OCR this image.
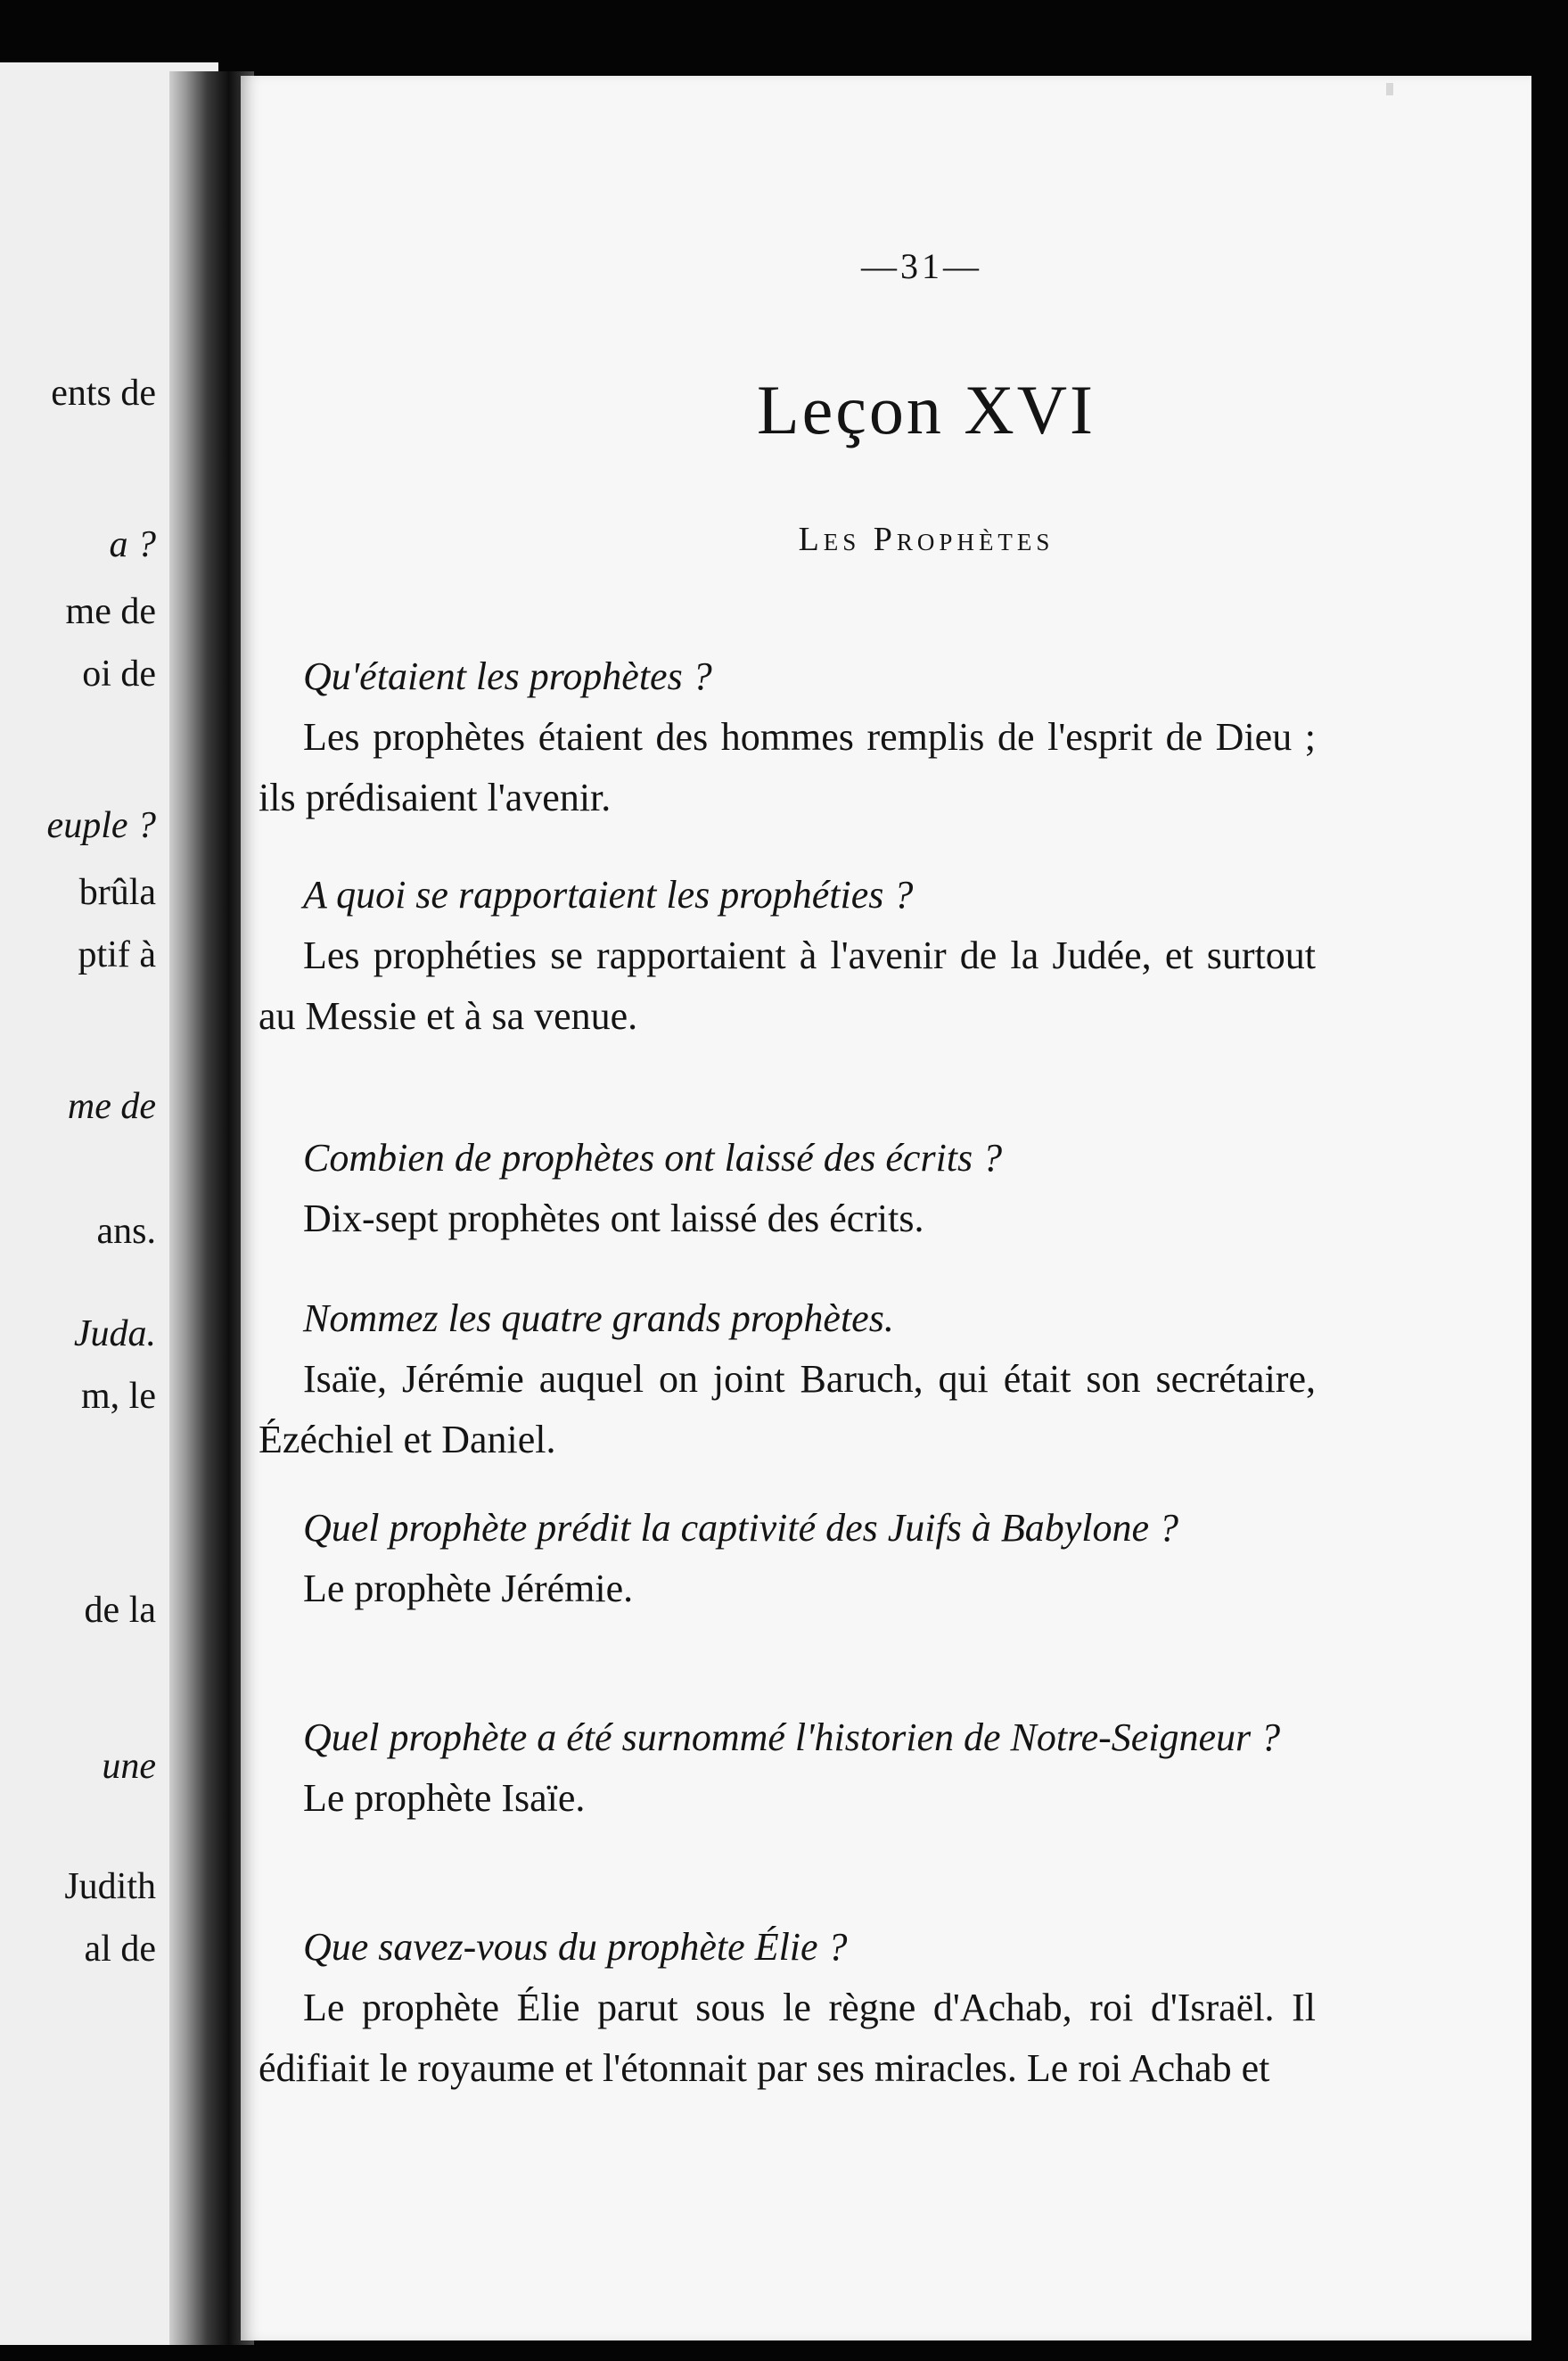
ents de
a ?
me de
oi de
euple ?
brûla
ptif à
me de
ans.
Juda.
m, le
de la
une
Judith
al de
—31—
Leçon XVI
Les Prophètes
Qu'étaient les prophètes ?
Les prophètes étaient des hommes remplis de l'esprit de Dieu ; ils prédisaient l'avenir.
A quoi se rapportaient les prophéties ?
Les prophéties se rapportaient à l'avenir de la Judée, et surtout au Messie et à sa venue.
Combien de prophètes ont laissé des écrits ?
Dix-sept prophètes ont laissé des écrits.
Nommez les quatre grands prophètes.
Isaïe, Jérémie auquel on joint Baruch, qui était son secrétaire, Ézéchiel et Daniel.
Quel prophète prédit la captivité des Juifs à Babylone ?
Le prophète Jérémie.
Quel prophète a été surnommé l'historien de Notre-Seigneur ?
Le prophète Isaïe.
Que savez-vous du prophète Élie ?
Le prophète Élie parut sous le règne d'Achab, roi d'Israël. Il édifiait le royaume et l'étonnait par ses miracles. Le roi Achab et
